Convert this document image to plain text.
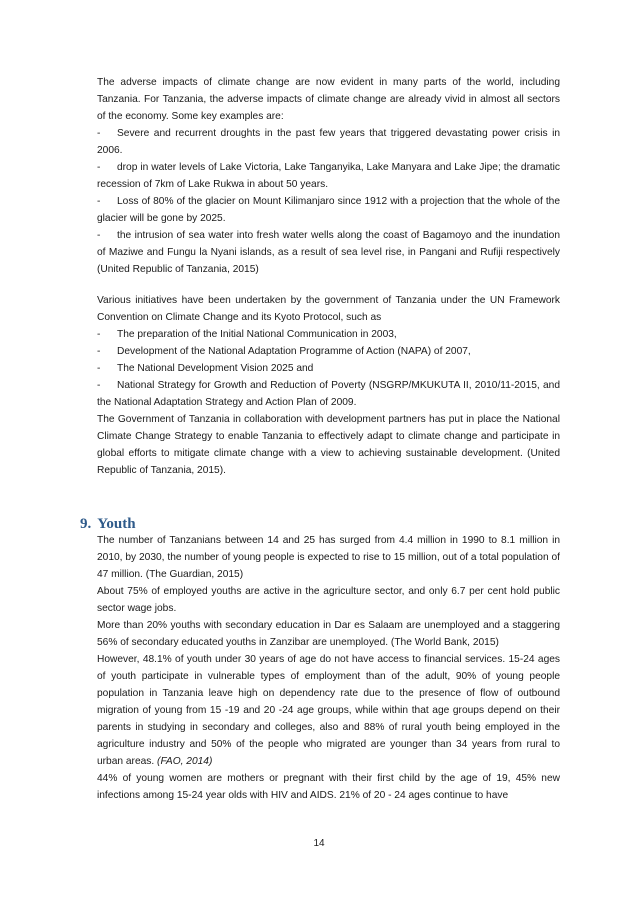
The adverse impacts of climate change are now evident in many parts of the world, including Tanzania. For Tanzania, the adverse impacts of climate change are already vivid in almost all sectors of the economy. Some key examples are:

- Severe and recurrent droughts in the past few years that triggered devastating power crisis in 2006.
- drop in water levels of Lake Victoria, Lake Tanganyika, Lake Manyara and Lake Jipe; the dramatic recession of 7km of Lake Rukwa in about 50 years.
- Loss of 80% of the glacier on Mount Kilimanjaro since 1912 with a projection that the whole of the glacier will be gone by 2025.
- the intrusion of sea water into fresh water wells along the coast of Bagamoyo and the inundation of Maziwe and Fungu la Nyani islands, as a result of sea level rise, in Pangani and Rufiji respectively (United Republic of Tanzania, 2015)

Various initiatives have been undertaken by the government of Tanzania under the UN Framework Convention on Climate Change and its Kyoto Protocol, such as

- The preparation of the Initial National Communication in 2003,
- Development of the National Adaptation Programme of Action (NAPA) of 2007,
- The National Development Vision 2025 and
- National Strategy for Growth and Reduction of Poverty (NSGRP/MKUKUTA II, 2010/11-2015, and the National Adaptation Strategy and Action Plan of 2009.

The Government of Tanzania in collaboration with development partners has put in place the National Climate Change Strategy to enable Tanzania to effectively adapt to climate change and participate in global efforts to mitigate climate change with a view to achieving sustainable development. (United Republic of Tanzania, 2015).

9. Youth

The number of Tanzanians between 14 and 25 has surged from 4.4 million in 1990 to 8.1 million in 2010, by 2030, the number of young people is expected to rise to 15 million, out of a total population of 47 million. (The Guardian, 2015)

About 75% of employed youths are active in the agriculture sector, and only 6.7 per cent hold public sector wage jobs.

More than 20% youths with secondary education in Dar es Salaam are unemployed and a staggering 56% of secondary educated youths in Zanzibar are unemployed. (The World Bank, 2015)

However, 48.1% of youth under 30 years of age do not have access to financial services. 15-24 ages of youth participate in vulnerable types of employment than of the adult, 90% of young people population in Tanzania leave high on dependency rate due to the presence of flow of outbound migration of young from 15 -19 and 20 -24 age groups, while within that age groups depend on their parents in studying in secondary and colleges, also and 88% of rural youth being employed in the agriculture industry and 50% of the people who migrated are younger than 34 years from rural to urban areas. (FAO, 2014)

44% of young women are mothers or pregnant with their first child by the age of 19, 45% new infections among 15-24 year olds with HIV and AIDS. 21% of 20 - 24 ages continue to have

14
